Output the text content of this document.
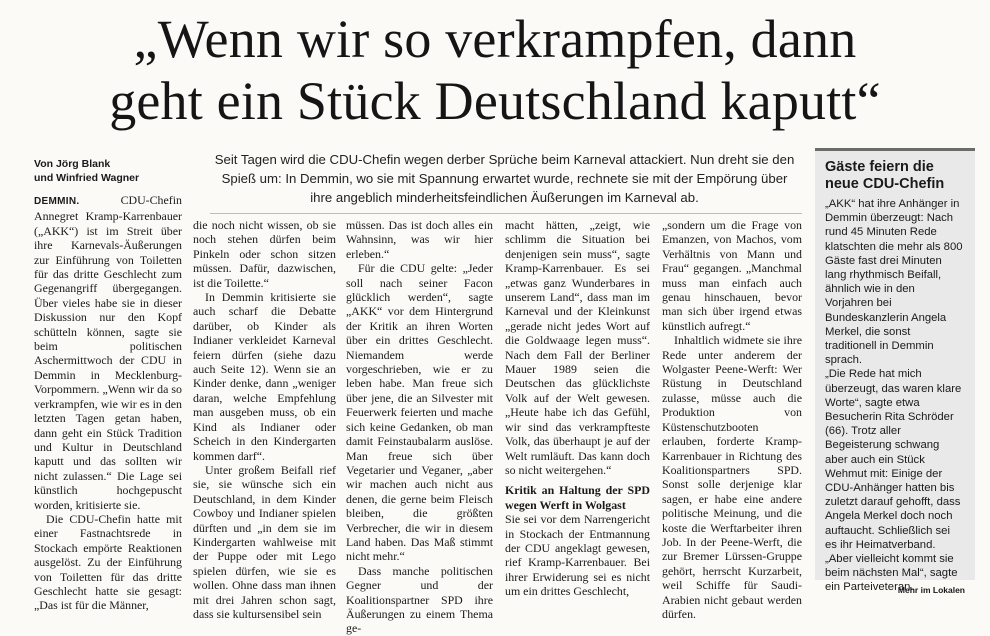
„Wenn wir so verkrampfen, dann
geht ein Stück Deutschland kaputt“
Von Jörg Blank
und Winfried Wagner
Seit Tagen wird die CDU-Chefin wegen derber Sprüche beim Karneval attackiert. Nun dreht sie den Spieß um: In Demmin, wo sie mit Spannung erwartet wurde, rechnete sie mit der Empörung über ihre angeblich minderheitsfeindlichen Äußerungen im Karneval ab.

DEMMIN.	CDU-Chefin Annegret Kramp-Karrenbauer („AKK“) ist im Streit über ihre Karnevals-Äußerungen zur Einführung von Toiletten für das dritte Geschlecht zum Gegenangriff übergegangen. Über vieles habe sie in dieser Diskussion nur den Kopf schütteln können, sagte sie beim politischen Aschermittwoch der CDU in Demmin in Mecklenburg-Vorpommern. „Wenn wir da so verkrampfen, wie wir es in den letzten Tagen getan haben, dann geht ein Stück Tradition und Kultur in Deutschland kaputt und das sollten wir nicht zulassen.“ Die Lage sei künstlich hochgepuscht worden, kritisierte sie.

Die CDU-Chefin hatte mit einer Fastnachtsrede in Stockach empörte Reaktionen ausgelöst. Zu der Einführung von Toiletten für das dritte Geschlecht hatte sie gesagt: „Das ist für die Männer,

die noch nicht wissen, ob sie noch stehen dürfen beim Pinkeln oder schon sitzen müssen. Dafür, dazwischen, ist die Toilette.“

In Demmin kritisierte sie auch scharf die Debatte darüber, ob Kinder als Indianer verkleidet Karneval feiern dürfen (siehe dazu auch Seite 12). Wenn sie an Kinder denke, dann „weniger daran, welche Empfehlung man ausgeben muss, ob ein Kind als Indianer oder Scheich in den Kindergarten kommen darf“.

Unter großem Beifall rief sie, sie wünsche sich ein Deutschland, in dem Kinder Cowboy und Indianer spielen dürften und „in dem sie im Kindergarten wahlweise mit der Puppe oder mit Lego spielen dürfen, wie sie es wollen. Ohne dass man ihnen mit drei Jahren schon sagt, dass sie kultursensibel sein

müssen. Das ist doch alles ein Wahnsinn, was wir hier erleben.“

Für die CDU gelte: „Jeder soll nach seiner Facon glücklich werden“, sagte „AKK“ vor dem Hintergrund der Kritik an ihren Worten über ein drittes Geschlecht. Niemandem werde vorgeschrieben, wie er zu leben habe. Man freue sich über jene, die an Silvester mit Feuerwerk feierten und mache sich keine Gedanken, ob man damit Feinstaubalarm auslöse. Man freue sich über Vegetarier und Veganer, „aber wir machen auch nicht aus denen, die gerne beim Fleisch bleiben, die größten Verbrecher, die wir in diesem Land haben. Das Maß stimmt nicht mehr.“

Dass manche politischen Gegner und der Koalitionspartner SPD ihre Äußerungen zu einem Thema ge-

macht hätten, „zeigt, wie schlimm die Situation bei denjenigen sein muss“, sagte Kramp-Karrenbauer. Es sei „etwas ganz Wunderbares in unserem Land“, dass man im Karneval und der Kleinkunst „gerade nicht jedes Wort auf die Goldwaage legen muss“. Nach dem Fall der Berliner Mauer 1989 seien die Deutschen das glücklichste Volk auf der Welt gewesen. „Heute habe ich das Gefühl, wir sind das verkrampfteste Volk, das überhaupt je auf der Welt rumläuft. Das kann doch so nicht weitergehen.“

Kritik an Haltung der SPD wegen Werft in Wolgast

Sie sei vor dem Narrengericht in Stockach der Entmannung der CDU angeklagt gewesen, rief Kramp-Karrenbauer. Bei ihrer Erwiderung sei es nicht um ein drittes Geschlecht,

„sondern um die Frage von Emanzen, von Machos, vom Verhältnis von Mann und Frau“ gegangen. „Manchmal muss man einfach auch genau hinschauen, bevor man sich über irgend etwas künstlich aufregt.“

Inhaltlich widmete sie ihre Rede unter anderem der Wolgaster Peene-Werft: Wer Rüstung in Deutschland zulasse, müsse auch die Produktion von Küstenschutzbooten erlauben, forderte Kramp-Karrenbauer in Richtung des Koalitionspartners SPD. Sonst solle derjenige klar sagen, er habe eine andere politische Meinung, und die koste die Werftarbeiter ihren Job. In der Peene-Werft, die zur Bremer Lürssen-Gruppe gehört, herrscht Kurzarbeit, weil Schiffe für Saudi-Arabien nicht gebaut werden dürfen.

Gäste feiern die neue CDU-Chefin

„AKK“ hat ihre Anhänger in Demmin überzeugt: Nach rund 45 Minuten Rede klatschten die mehr als 800 Gäste fast drei Minuten lang rhythmisch Beifall, ähnlich wie in den Vorjahren bei Bundeskanzlerin Angela Merkel, die sonst traditionell in Demmin sprach.

„Die Rede hat mich überzeugt, das waren klare Worte“, sagte etwa Besucherin Rita Schröder (66). Trotz aller Begeisterung schwang aber auch ein Stück Wehmut mit: Einige der CDU-Anhänger hatten bis zuletzt darauf gehofft, dass Angela Merkel doch noch auftaucht. Schließlich sei es ihr Heimatverband. „Aber vielleicht kommt sie beim nächsten Mal“, sagte ein Parteiveteran.

Mehr im Lokalen
